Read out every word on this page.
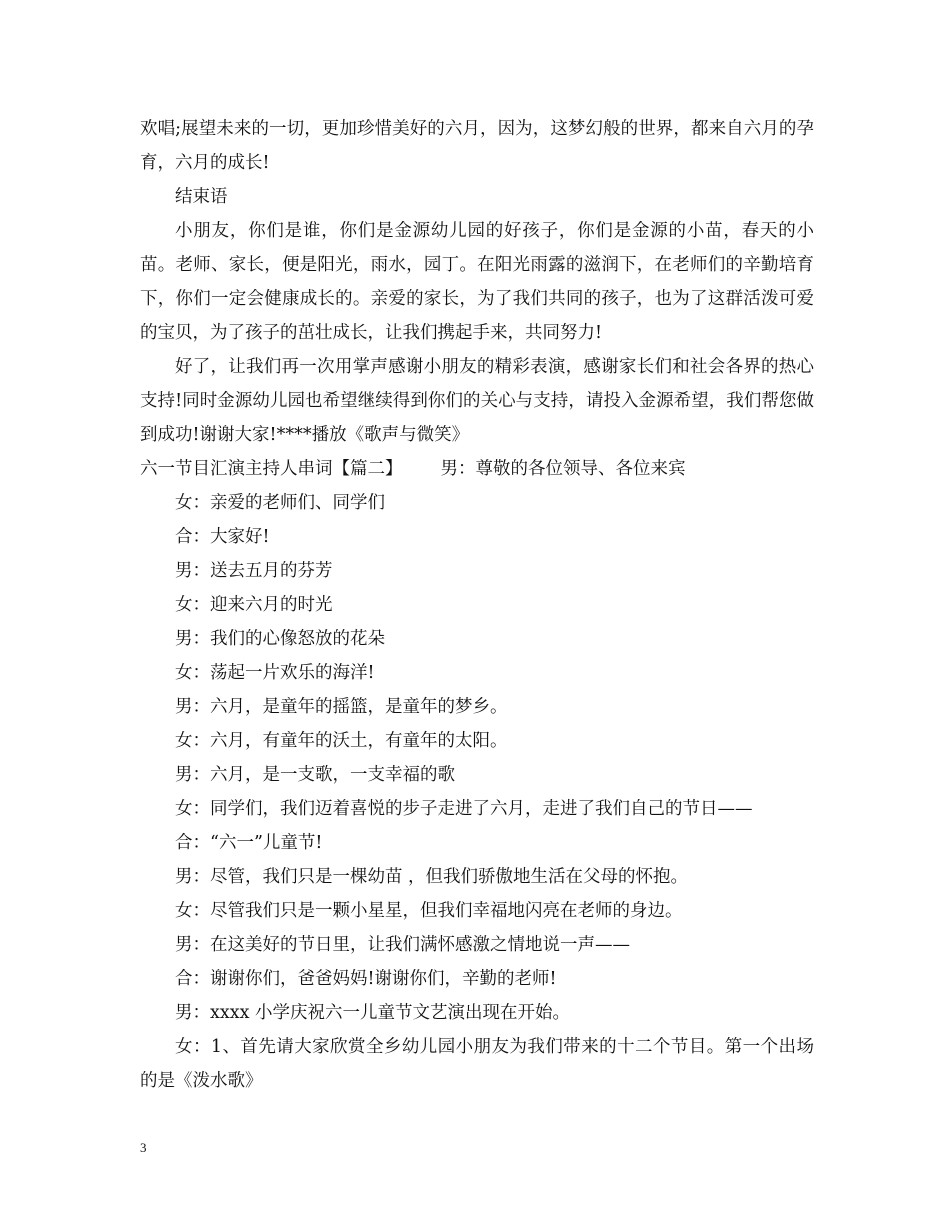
欢唱;展望未来的一切，更加珍惜美好的六月，因为，这梦幻般的世界，都来自六月的孕育，六月的成长!

结束语

小朋友，你们是谁，你们是金源幼儿园的好孩子，你们是金源的小苗，春天的小苗。老师、家长，便是阳光，雨水，园丁。在阳光雨露的滋润下，在老师们的辛勤培育下，你们一定会健康成长的。亲爱的家长，为了我们共同的孩子，也为了这群活泼可爱的宝贝，为了孩子的茁壮成长，让我们携起手来，共同努力!

好了，让我们再一次用掌声感谢小朋友的精彩表演，感谢家长们和社会各界的热心支持!同时金源幼儿园也希望继续得到你们的关心与支持，请投入金源希望，我们帮您做到成功!谢谢大家!****播放《歌声与微笑》

六一节目汇演主持人串词【篇二】 男：尊敬的各位领导、各位来宾

女：亲爱的老师们、同学们

合：大家好!

男：送去五月的芬芳

女：迎来六月的时光

男：我们的心像怒放的花朵

女：荡起一片欢乐的海洋!

男：六月，是童年的摇篮，是童年的梦乡。

女：六月，有童年的沃土，有童年的太阳。

男：六月，是一支歌，一支幸福的歌

女：同学们，我们迈着喜悦的步子走进了六月，走进了我们自己的节日——

合：“六一”儿童节!

男：尽管，我们只是一棵幼苗 ，但我们骄傲地生活在父母的怀抱。

女：尽管我们只是一颗小星星，但我们幸福地闪亮在老师的身边。

男：在这美好的节日里，让我们满怀感激之情地说一声——

合：谢谢你们，爸爸妈妈!谢谢你们，辛勤的老师!

男：xxxx 小学庆祝六一儿童节文艺演出现在开始。

女：1、首先请大家欣赏全乡幼儿园小朋友为我们带来的十二个节目。第一个出场的是《泼水歌》

3
